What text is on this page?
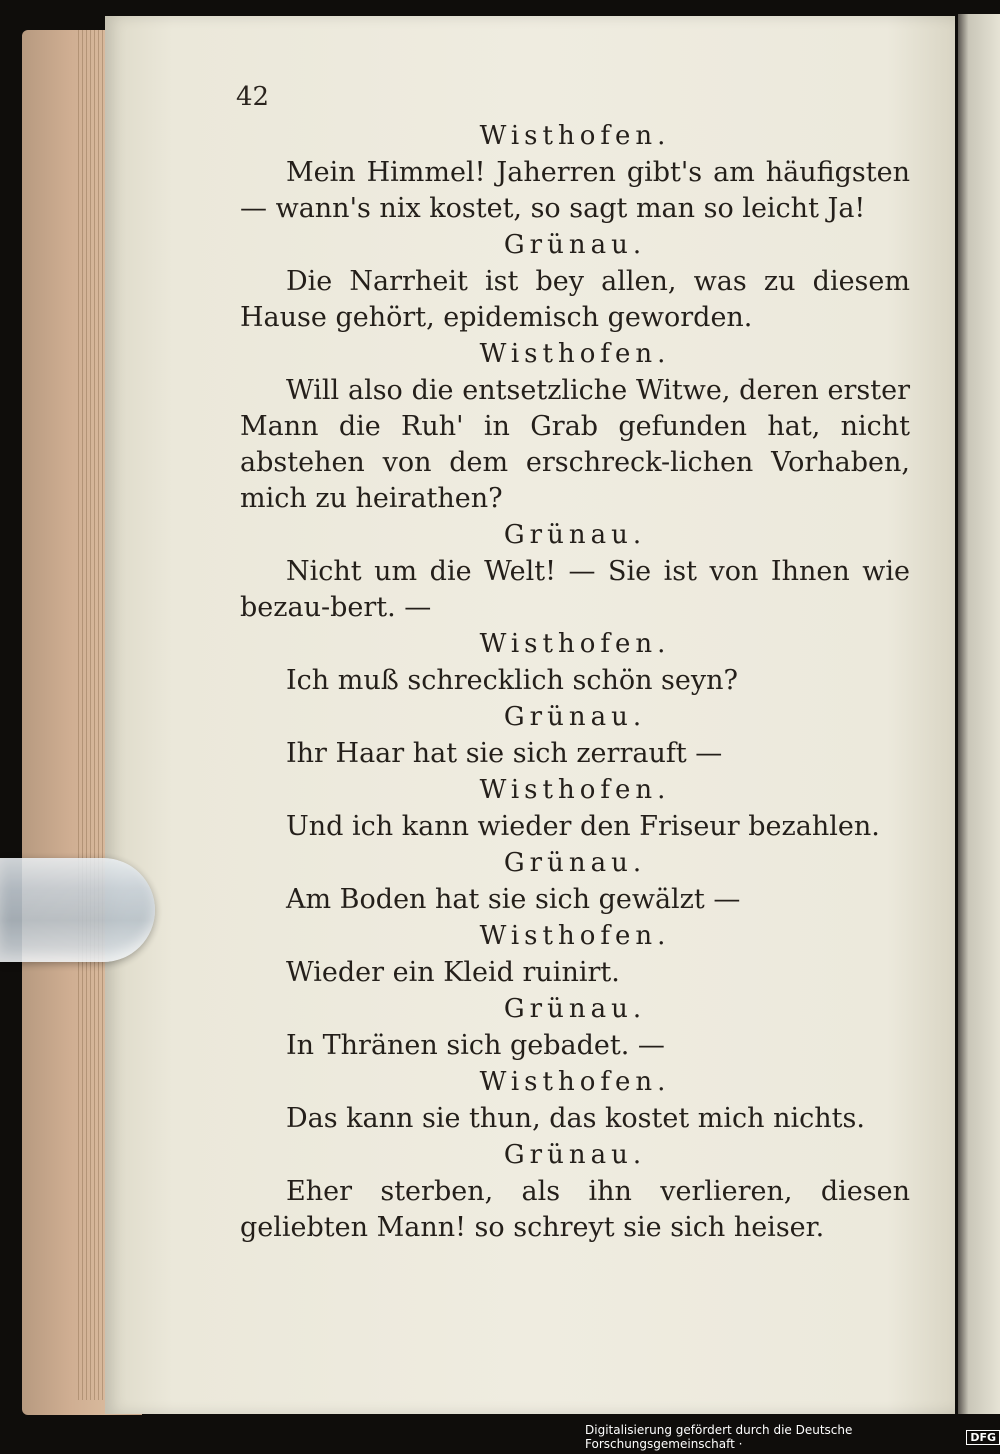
42
Wisthofen.
Mein Himmel! Jaherren gibt's am häufigsten — wann's nix kostet, so sagt man so leicht Ja!
Grünau.
Die Narrheit ist bey allen, was zu diesem Hause gehört, epidemisch geworden.
Wisthofen.
Will also die entsetzliche Witwe, deren erster Mann die Ruh' in Grab gefunden hat, nicht abstehen von dem erschreck-lichen Vorhaben, mich zu heirathen?
Grünau.
Nicht um die Welt! — Sie ist von Ihnen wie bezau-bert. —
Wisthofen.
Ich muß schrecklich schön seyn?
Grünau.
Ihr Haar hat sie sich zerrauft —
Wisthofen.
Und ich kann wieder den Friseur bezahlen.
Grünau.
Am Boden hat sie sich gewälzt —
Wisthofen.
Wieder ein Kleid ruinirt.
Grünau.
In Thränen sich gebadet. —
Wisthofen.
Das kann sie thun, das kostet mich nichts.
Grünau.
Eher sterben, als ihn verlieren, diesen geliebten Mann! so schreyt sie sich heiser.
Digitalisierung gefördert durch die Deutsche Forschungsgemeinschaft ·	DFG
